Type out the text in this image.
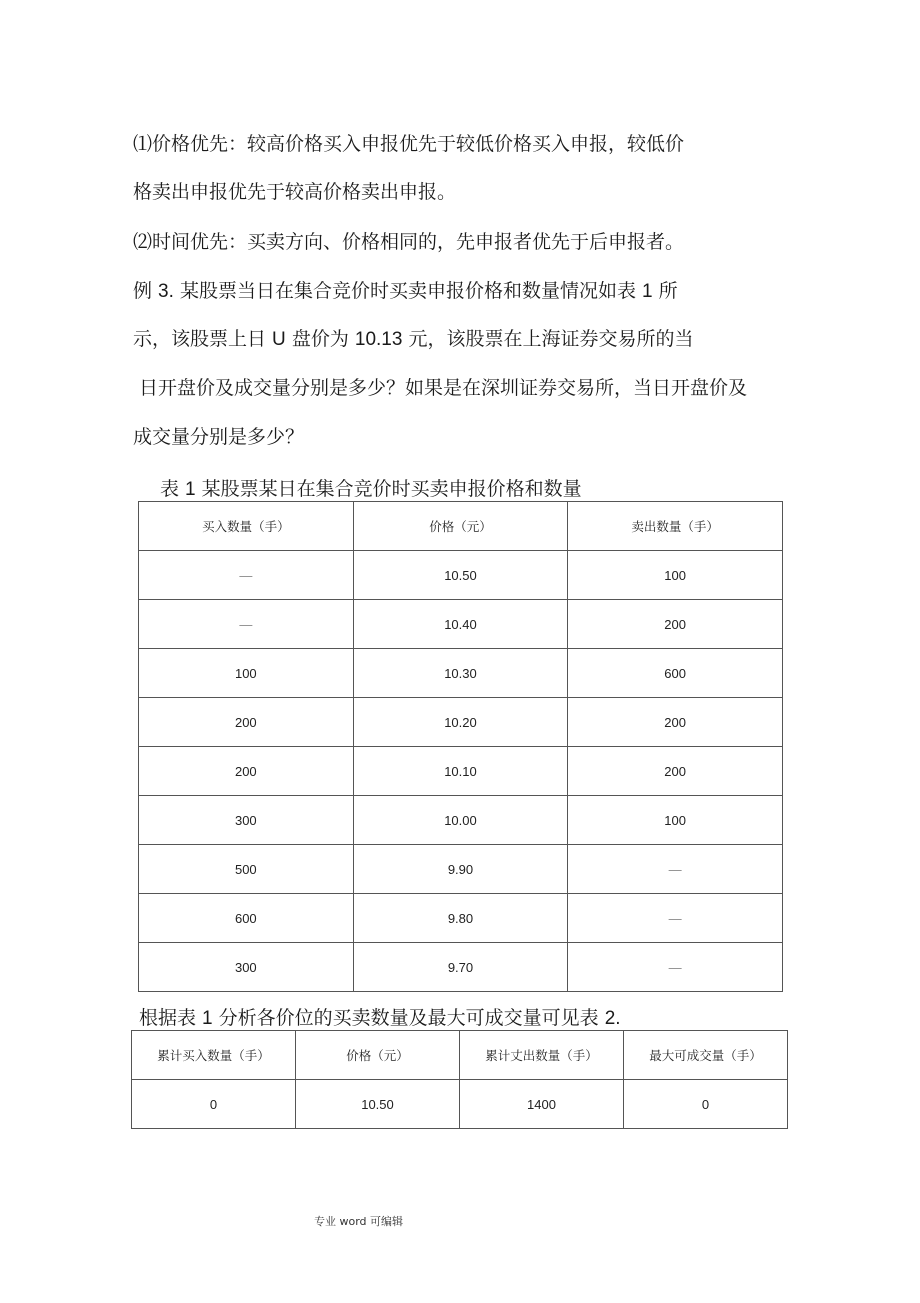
⑴价格优先：较高价格买入申报优先于较低价格买入申报，较低价
格卖出申报优先于较高价格卖出申报。
⑵时间优先：买卖方向、价格相同的，先申报者优先于后申报者。
例 3. 某股票当日在集合竞价时买卖申报价格和数量情况如表 1 所
示，该股票上日 U 盘价为 10.13 元，该股票在上海证券交易所的当
日开盘价及成交量分别是多少？如果是在深圳证券交易所，当日开盘价及
成交量分别是多少？
表 1 某股票某日在集合竞价时买卖申报价格和数量
买入数量（手）	价格（元）	卖出数量（手）
—	10.50	100
—	10.40	200
100	10.30	600
200	10.20	200
200	10.10	200
300	10.00	100
500	9.90	—
600	9.80	—
300	9.70	—
根据表 1 分析各价位的买卖数量及最大可成交量可见表 2.
累计买入数量（手）	价格（元）	累计丈出数量（手）	最大可成交量（手）
0	10.50	1400	0
专业 word 可编辑
